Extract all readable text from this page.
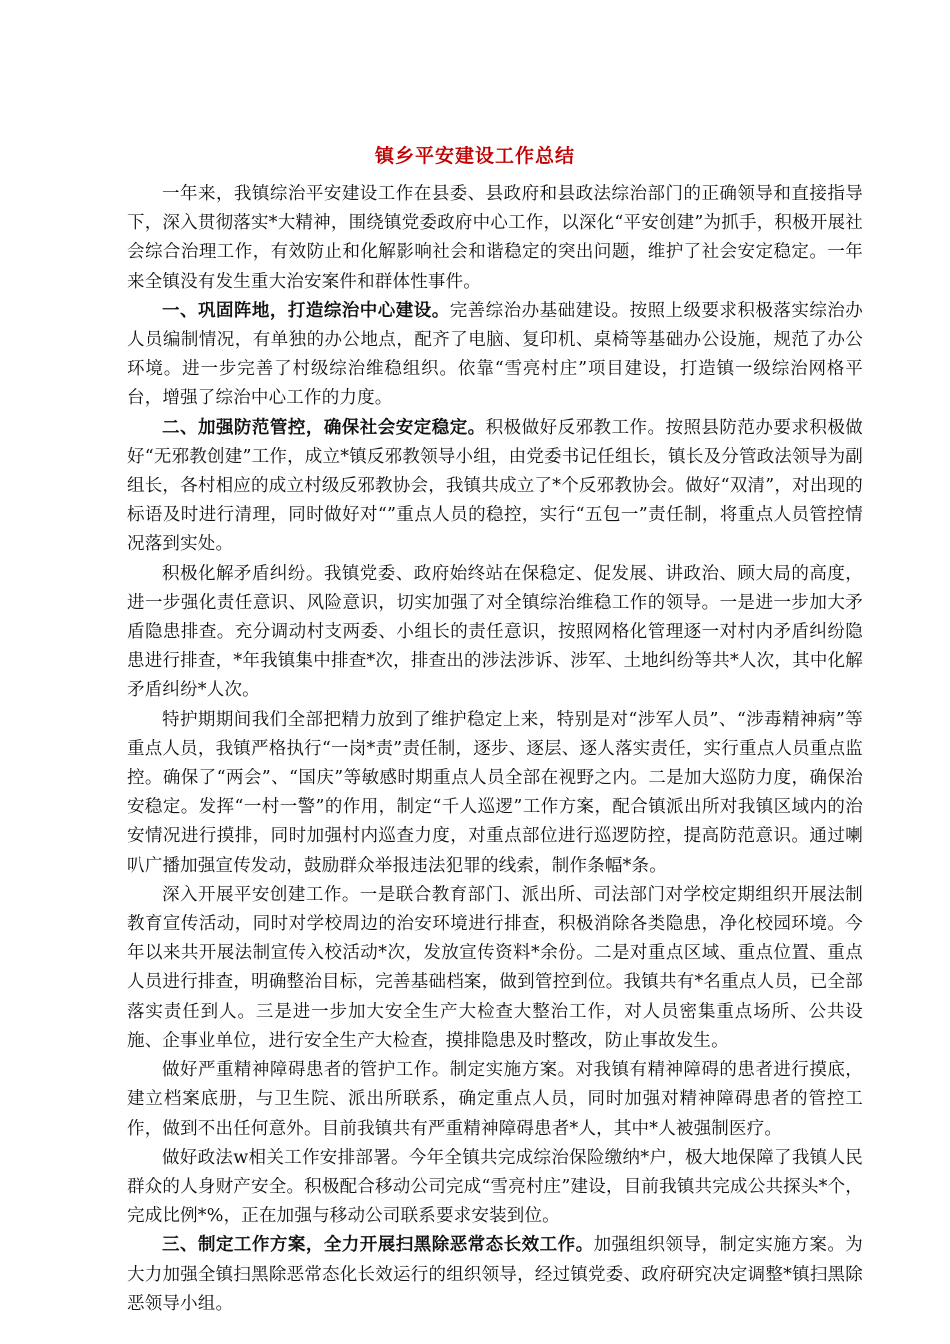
镇乡平安建设工作总结

一年来，我镇综治平安建设工作在县委、县政府和县政法综治部门的正确领导和直接指导下，深入贯彻落实*大精神，围绕镇党委政府中心工作，以深化“平安创建”为抓手，积极开展社会综合治理工作，有效防止和化解影响社会和谐稳定的突出问题，维护了社会安定稳定。一年来全镇没有发生重大治安案件和群体性事件。

一、巩固阵地，打造综治中心建设。完善综治办基础建设。按照上级要求积极落实综治办人员编制情况，有单独的办公地点，配齐了电脑、复印机、桌椅等基础办公设施，规范了办公环境。进一步完善了村级综治维稳组织。依靠“雪亮村庄”项目建设，打造镇一级综治网格平台，增强了综治中心工作的力度。

二、加强防范管控，确保社会安定稳定。积极做好反邪教工作。按照县防范办要求积极做好“无邪教创建”工作，成立*镇反邪教领导小组，由党委书记任组长，镇长及分管政法领导为副组长，各村相应的成立村级反邪教协会，我镇共成立了*个反邪教协会。做好“双清”，对出现的标语及时进行清理，同时做好对“”重点人员的稳控，实行“五包一”责任制，将重点人员管控情况落到实处。

积极化解矛盾纠纷。我镇党委、政府始终站在保稳定、促发展、讲政治、顾大局的高度，进一步强化责任意识、风险意识，切实加强了对全镇综治维稳工作的领导。一是进一步加大矛盾隐患排查。充分调动村支两委、小组长的责任意识，按照网格化管理逐一对村内矛盾纠纷隐患进行排查，*年我镇集中排查*次，排查出的涉法涉诉、涉军、土地纠纷等共*人次，其中化解矛盾纠纷*人次。

特护期期间我们全部把精力放到了维护稳定上来，特别是对“涉军人员”、“涉毒精神病”等重点人员，我镇严格执行“一岗*责”责任制，逐步、逐层、逐人落实责任，实行重点人员重点监控。确保了“两会”、“国庆”等敏感时期重点人员全部在视野之内。二是加大巡防力度，确保治安稳定。发挥“一村一警”的作用，制定“千人巡逻”工作方案，配合镇派出所对我镇区域内的治安情况进行摸排，同时加强村内巡查力度，对重点部位进行巡逻防控，提高防范意识。通过喇叭广播加强宣传发动，鼓励群众举报违法犯罪的线索，制作条幅*条。

深入开展平安创建工作。一是联合教育部门、派出所、司法部门对学校定期组织开展法制教育宣传活动，同时对学校周边的治安环境进行排查，积极消除各类隐患，净化校园环境。今年以来共开展法制宣传入校活动*次，发放宣传资料*余份。二是对重点区域、重点位置、重点人员进行排查，明确整治目标，完善基础档案，做到管控到位。我镇共有*名重点人员，已全部落实责任到人。三是进一步加大安全生产大检查大整治工作，对人员密集重点场所、公共设施、企事业单位，进行安全生产大检查，摸排隐患及时整改，防止事故发生。

做好严重精神障碍患者的管护工作。制定实施方案。对我镇有精神障碍的患者进行摸底，建立档案底册，与卫生院、派出所联系，确定重点人员，同时加强对精神障碍患者的管控工作，做到不出任何意外。目前我镇共有严重精神障碍患者*人，其中*人被强制医疗。

做好政法w相关工作安排部署。今年全镇共完成综治保险缴纳*户，极大地保障了我镇人民群众的人身财产安全。积极配合移动公司完成“雪亮村庄”建设，目前我镇共完成公共探头*个，完成比例*%，正在加强与移动公司联系要求安装到位。

三、制定工作方案，全力开展扫黑除恶常态长效工作。加强组织领导，制定实施方案。为大力加强全镇扫黑除恶常态化长效运行的组织领导，经过镇党委、政府研究决定调整*镇扫黑除恶领导小组。
